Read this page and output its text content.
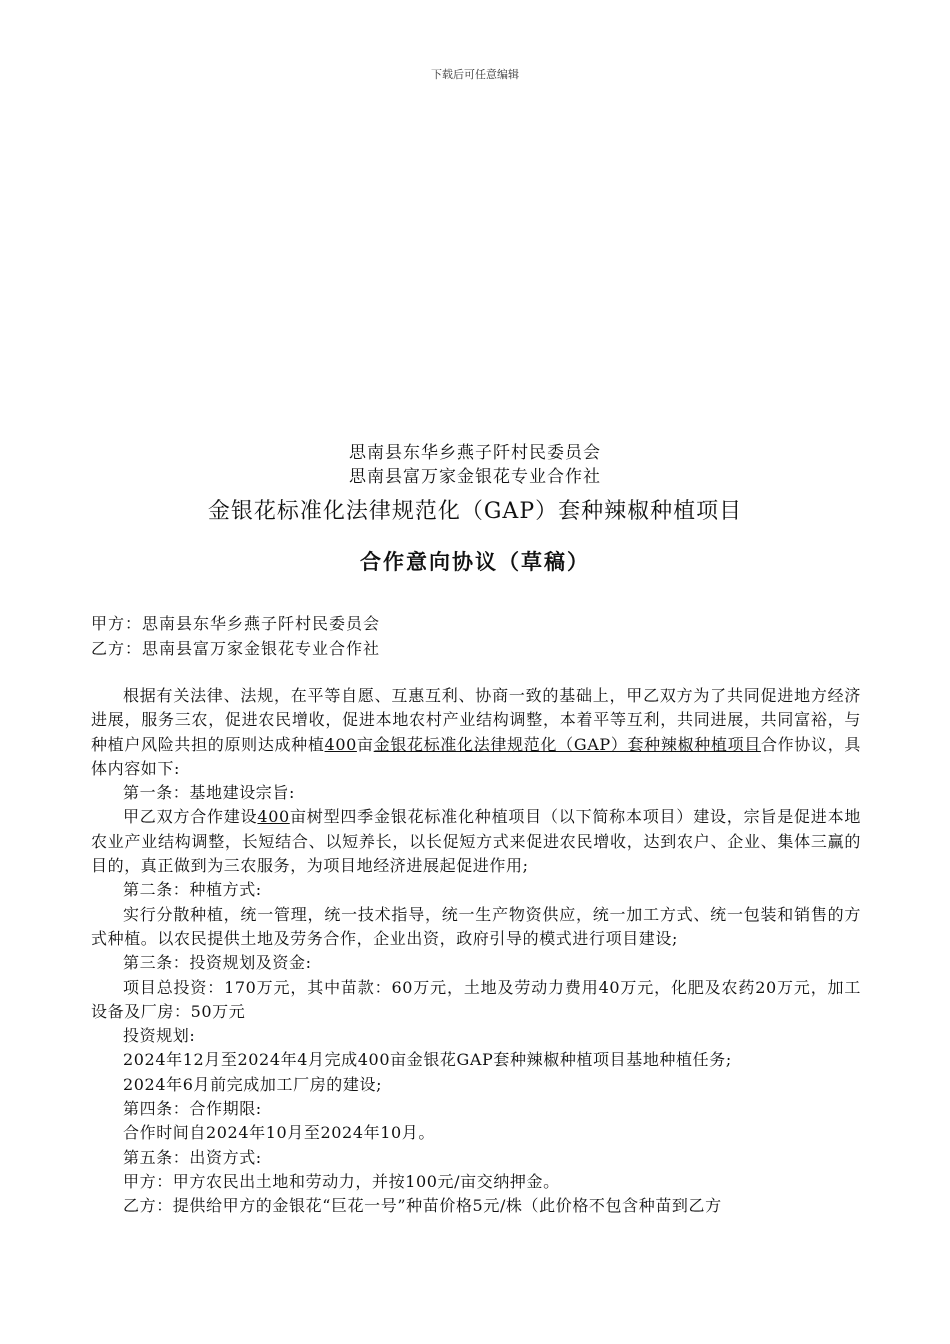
下载后可任意编辑
思南县东华乡燕子阡村民委员会
思南县富万家金银花专业合作社
金银花标准化法律规范化（GAP）套种辣椒种植项目
合作意向协议（草稿）
甲方：思南县东华乡燕子阡村民委员会
乙方：思南县富万家金银花专业合作社

根据有关法律、法规，在平等自愿、互惠互利、协商一致的基础上，甲乙双方为了共同促进地方经济进展，服务三农，促进农民增收，促进本地农村产业结构调整，本着平等互利，共同进展，共同富裕，与种植户风险共担的原则达成种植400亩金银花标准化法律规范化（GAP）套种辣椒种植项目合作协议，具体内容如下:

第一条：基地建设宗旨:

甲乙双方合作建设400亩树型四季金银花标准化种植项目（以下简称本项目）建设，宗旨是促进本地农业产业结构调整，长短结合、以短养长，以长促短方式来促进农民增收，达到农户、企业、集体三赢的目的，真正做到为三农服务，为项目地经济进展起促进作用;

第二条：种植方式:

实行分散种植，统一管理，统一技术指导，统一生产物资供应，统一加工方式、统一包装和销售的方式种植。以农民提供土地及劳务合作，企业出资，政府引导的模式进行项目建设;

第三条：投资规划及资金:

项目总投资：170万元，其中苗款：60万元，土地及劳动力费用40万元，化肥及农药20万元，加工设备及厂房：50万元

投资规划:

2024年12月至2024年4月完成400亩金银花GAP套种辣椒种植项目基地种植任务;

2024年6月前完成加工厂房的建设;

第四条：合作期限:

合作时间自2024年10月至2024年10月。

第五条：出资方式:

甲方：甲方农民出土地和劳动力，并按100元/亩交纳押金。

乙方：提供给甲方的金银花“巨花一号”种苗价格5元/株（此价格不包含种苗到乙方
